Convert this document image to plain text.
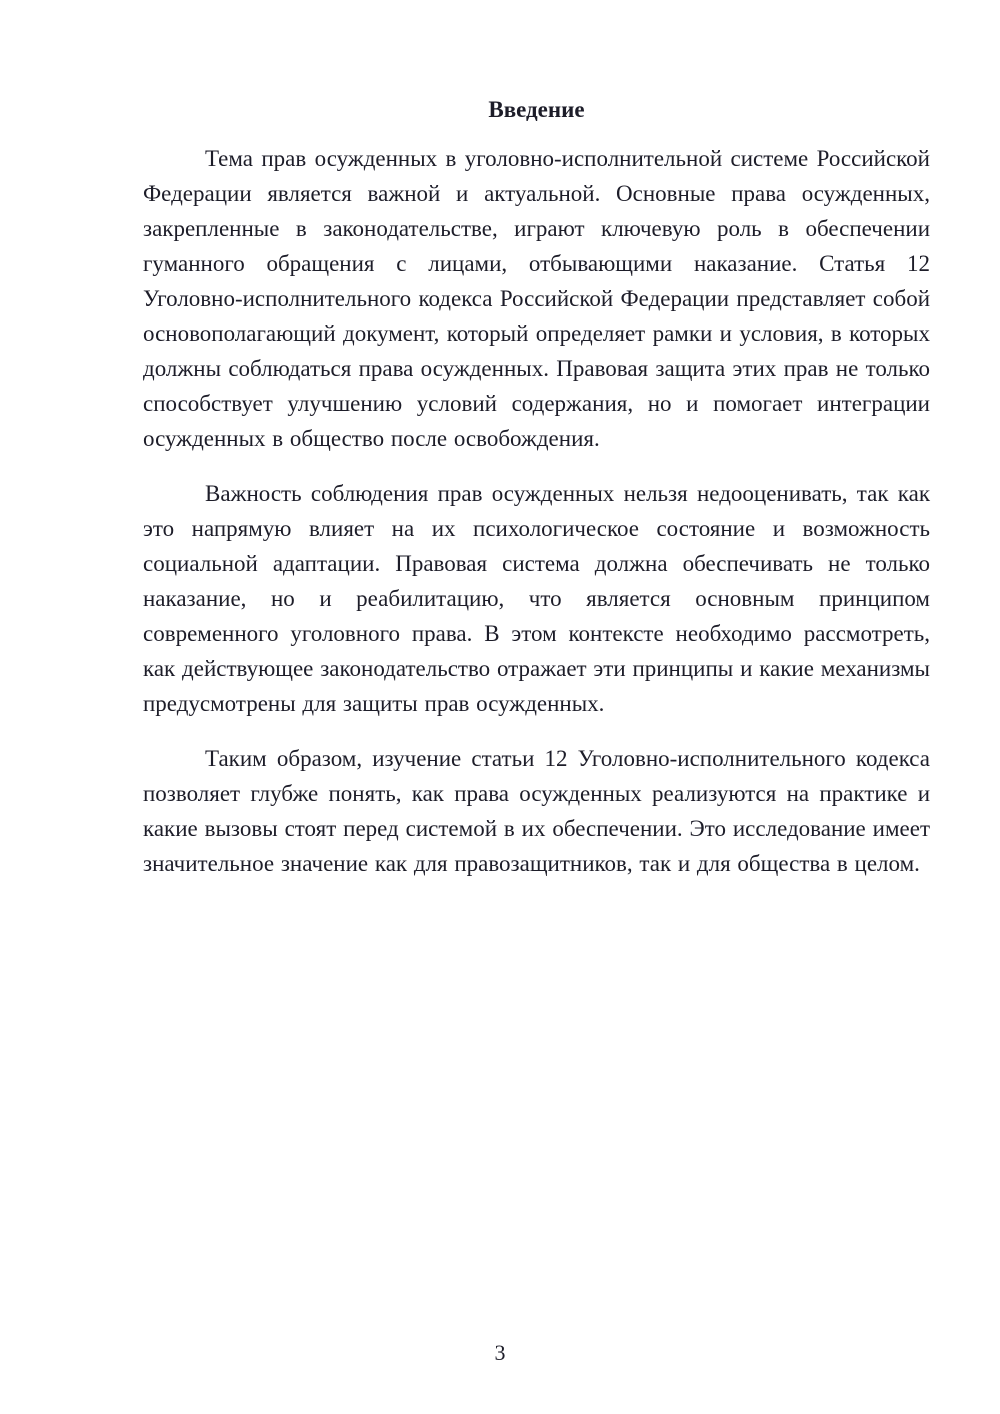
Введение

Тема прав осужденных в уголовно-исполнительной системе Российской Федерации является важной и актуальной. Основные права осужденных, закрепленные в законодательстве, играют ключевую роль в обеспечении гуманного обращения с лицами, отбывающими наказание. Статья 12 Уголовно-исполнительного кодекса Российской Федерации представляет собой основополагающий документ, который определяет рамки и условия, в которых должны соблюдаться права осужденных. Правовая защита этих прав не только способствует улучшению условий содержания, но и помогает интеграции осужденных в общество после освобождения.

Важность соблюдения прав осужденных нельзя недооценивать, так как это напрямую влияет на их психологическое состояние и возможность социальной адаптации. Правовая система должна обеспечивать не только наказание, но и реабилитацию, что является основным принципом современного уголовного права. В этом контексте необходимо рассмотреть, как действующее законодательство отражает эти принципы и какие механизмы предусмотрены для защиты прав осужденных.

Таким образом, изучение статьи 12 Уголовно-исполнительного кодекса позволяет глубже понять, как права осужденных реализуются на практике и какие вызовы стоят перед системой в их обеспечении. Это исследование имеет значительное значение как для правозащитников, так и для общества в целом.

3
